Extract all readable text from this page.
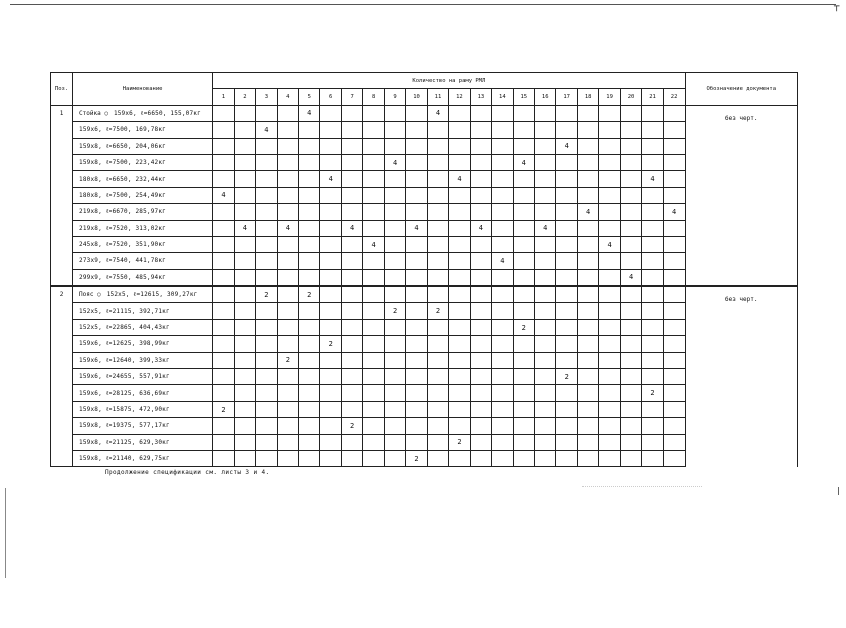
┬
|
Поз.	Наименование	Количество на раму РМЛ																						Обозначение документа
		1	2	3	4	5	6	7	8	9	10	11	12	13	14	15	16	17	18	19	20	21	22	
1	Стойка ○ 159x6, ℓ=6650, 155,07кг					4						4												без черт.
	159x6, ℓ=7500, 169,78кг			4																				
	159x8, ℓ=6650, 204,06кг																	4						
	159x8, ℓ=7500, 223,42кг									4						4								
	180x8, ℓ=6650, 232,44кг						4						4									4		
	180x8, ℓ=7500, 254,49кг	4																						
	219x8, ℓ=6670, 285,97кг																		4				4	
	219x8, ℓ=7520, 313,02кг		4		4			4			4			4			4							
	245x8, ℓ=7520, 351,90кг								4											4				
	273x9, ℓ=7540, 441,78кг														4									
	299x9, ℓ=7550, 485,94кг																				4			
2	Пояс ○ 152x5, ℓ=12615, 309,27кг			2		2																		без черт.
	152x5, ℓ=21115, 392,71кг									2		2												
	152x5, ℓ=22865, 404,43кг															2								
	159x6, ℓ=12625, 398,99кг						2																	
	159x6, ℓ=12640, 399,33кг				2																			
	159x6, ℓ=24655, 557,91кг																	2						
	159x6, ℓ=28125, 636,69кг																					2		
	159x8, ℓ=15875, 472,90кг	2																						
	159x8, ℓ=19375, 577,17кг							2																
	159x8, ℓ=21125, 629,30кг												2											
	159x8, ℓ=21140, 629,75кг										2													
Продолжение спецификации см. листы 3 и 4.
